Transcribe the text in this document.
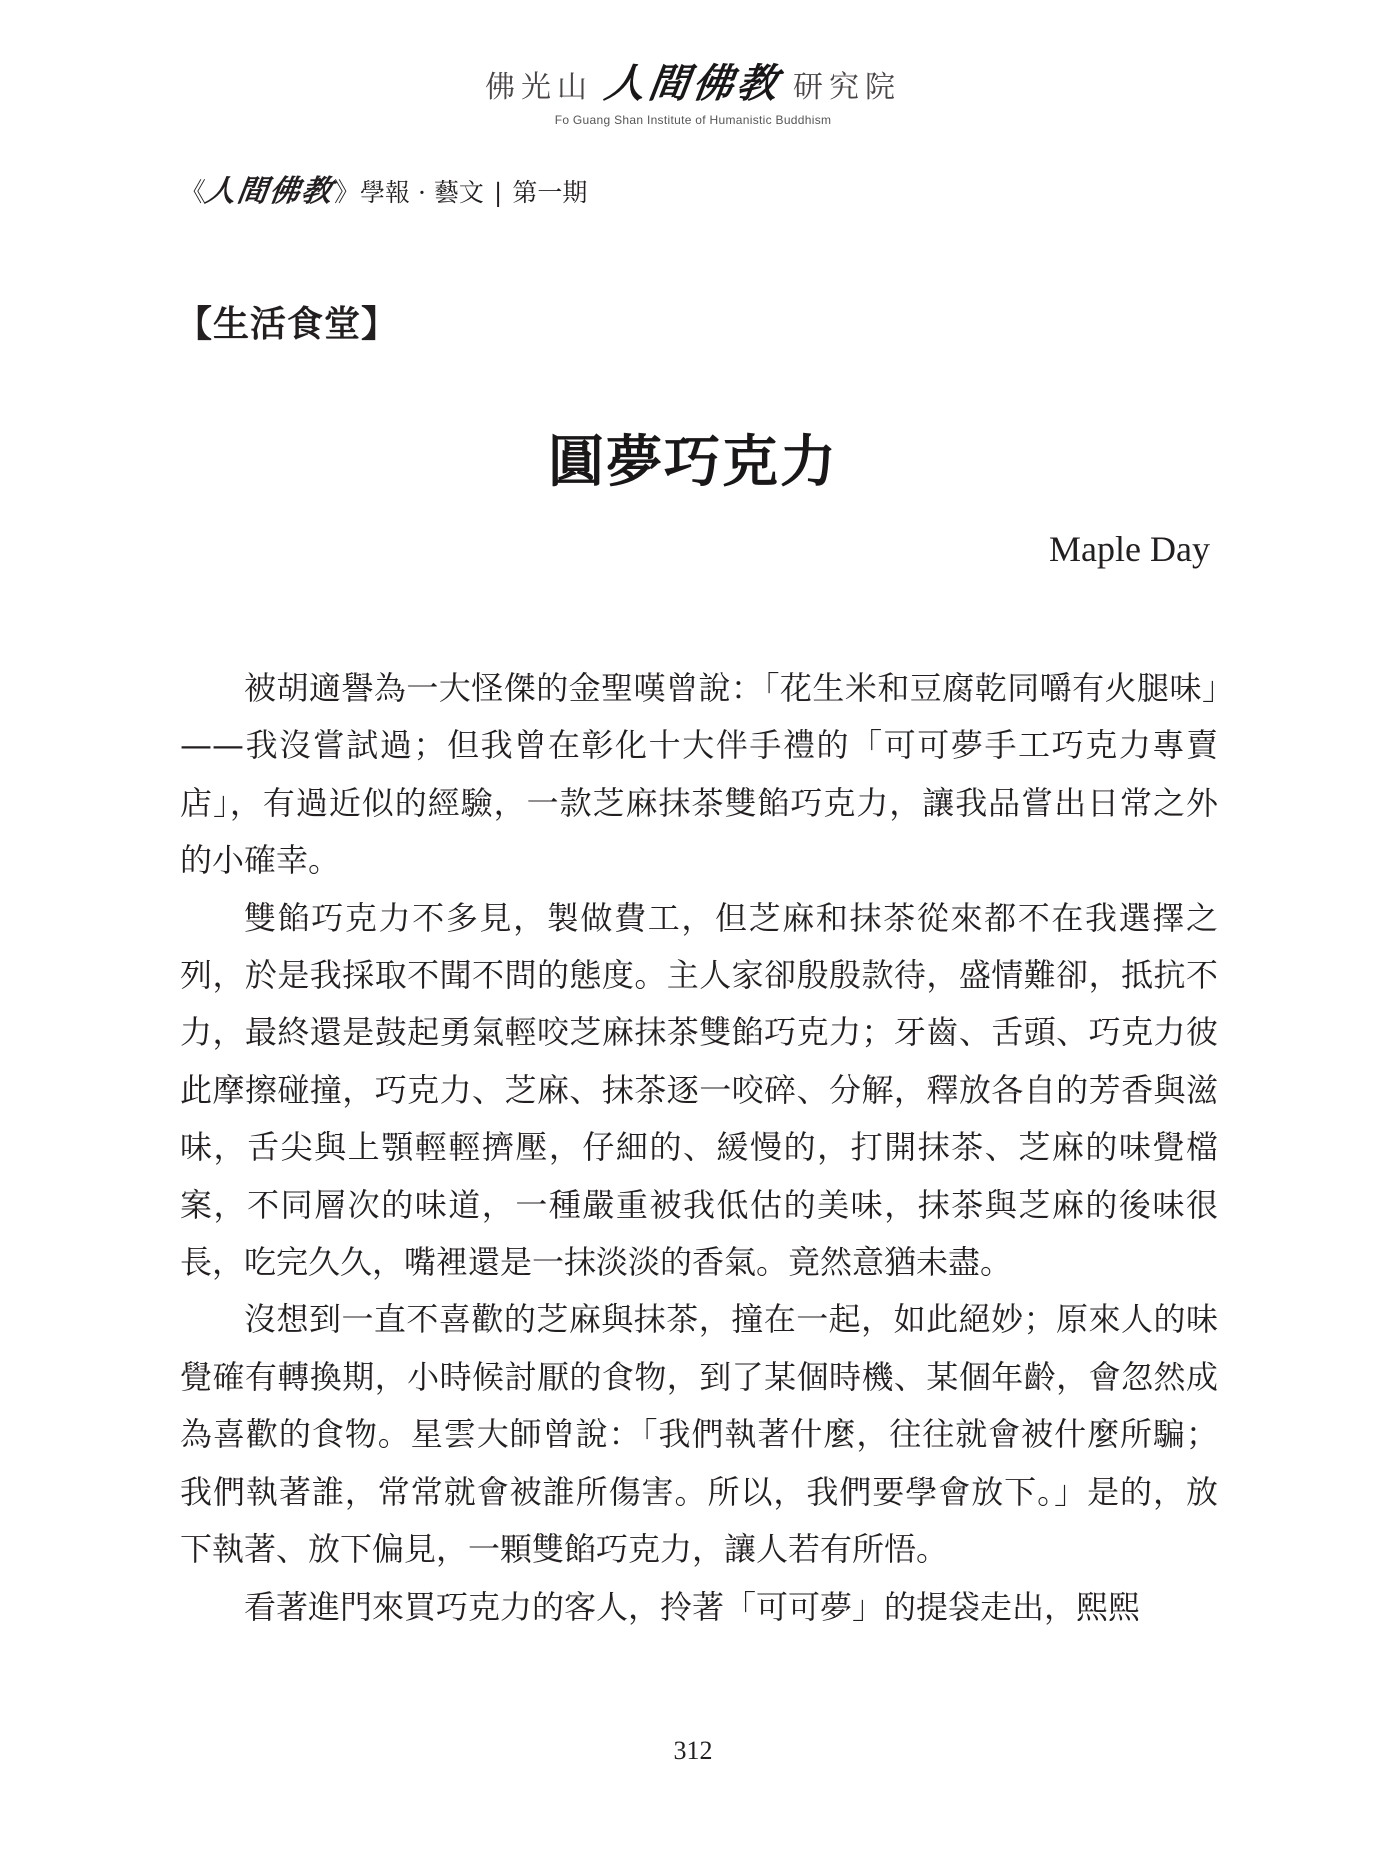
佛光山 人間佛教 研究院
Fo Guang Shan Institute of Humanistic Buddhism
《
人間佛教
》 學報 · 藝文 | 第一期
【生活食堂】
圓夢巧克力
Maple Day

被胡適譽為一大怪傑的金聖嘆曾說：「花生米和豆腐乾同嚼有火腿味」——我沒嘗試過；但我曾在彰化十大伴手禮的「可可夢手工巧克力專賣店」，有過近似的經驗，一款芝麻抹茶雙餡巧克力，讓我品嘗出日常之外的小確幸。

雙餡巧克力不多見，製做費工，但芝麻和抹茶從來都不在我選擇之列，於是我採取不聞不問的態度。主人家卻殷殷款待，盛情難卻，抵抗不力，最終還是鼓起勇氣輕咬芝麻抹茶雙餡巧克力；牙齒、舌頭、巧克力彼此摩擦碰撞，巧克力、芝麻、抹茶逐一咬碎、分解，釋放各自的芳香與滋味，舌尖與上顎輕輕擠壓，仔細的、緩慢的，打開抹茶、芝麻的味覺檔案，不同層次的味道，一種嚴重被我低估的美味，抹茶與芝麻的後味很長，吃完久久，嘴裡還是一抹淡淡的香氣。竟然意猶未盡。

沒想到一直不喜歡的芝麻與抹茶，撞在一起，如此絕妙；原來人的味覺確有轉換期，小時候討厭的食物，到了某個時機、某個年齡，會忽然成為喜歡的食物。星雲大師曾說：「我們執著什麼，往往就會被什麼所騙；我們執著誰，常常就會被誰所傷害。所以，我們要學會放下。」是的，放下執著、放下偏見，一顆雙餡巧克力，讓人若有所悟。

看著進門來買巧克力的客人，拎著「可可夢」的提袋走出，熙熙

312
